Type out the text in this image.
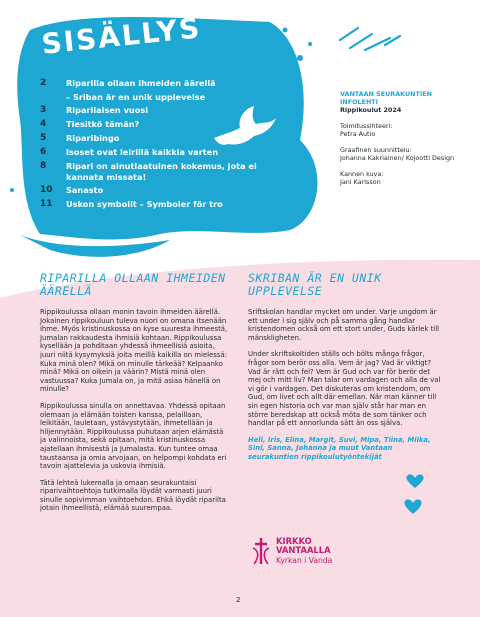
SISÄLLYS
2	Riparilla ollaan ihmeiden äärellä
– Sriban är en unik upplevelse
3	Riparilaisen vuosi
4	Tiesitkö tämän?
5	Riparibingo
6	Isoset ovat leirillä kaikkia varten
8	Ripari on ainutlaatuinen kokemus, jota ei kannata missata!
10	Sanasto
11	Uskon symbolit – Symboler för tro
VANTAAN SEURAKUNTIEN INFOLEHTI
Rippikoulut 2024
Toimitussihteeri:
Petra Autio
Graafinen suunnittelu:
Johanna Kakriainen/ Kojootti Design
Kannen kuva:
Jani Karlsson
RIPARILLA OLLAAN IHMEIDEN ÄÄRELLÄ

Rippikoulussa ollaan monin tavoin ihmeiden äärellä. Jokainen rippikouluun tuleva nuori on omana itsenään ihme. Myös kristinuskossa on kyse suuresta ihmeestä, Jumalan rakkaudesta ihmisiä kohtaan. Rippikoulussa kysellään ja pohditaan yhdessä ihmeellisiä asioita, juuri niitä kysymyksiä joita meillä kaikilla on mielessä: Kuka minä olen? Mikä on minulle tärkeää? Kelpaanko minä? Mikä on oikein ja väärin? Mistä minä olen vastuussa? Kuka Jumala on, ja mitä asiaa hänellä on minulle?

Rippikoulussa sinulla on annettavaa. Yhdessä opitaan olemaan ja elämään toisten kanssa, pelaillaan, leikitään, lauletaan, ystävystytään, ihmetellään ja hiljennytään. Rippikoulussa puhutaan arjen elämästä ja valinnoista, sekä opitaan, mitä kristinuskossa ajatellaan ihmisestä ja Jumalasta. Kun tuntee omaa taustaansa ja omia arvojaan, on helpompi kohdata eri tavoin ajattelevia ja uskovia ihmisiä.

Tätä lehteä lukemalla ja omaan seurakuntaisi riparivaihtoehtoja tutkimalla löydät varmasti juuri sinulle sopivimman vaihtoehdon. Ehkä löydät riparilta jotain ihmeellistä, elämää suurempaa.

SKRIBAN ÄR EN UNIK UPPLEVELSE

Sriftskolan handlar mycket om under. Varje ungdom är ett under i sig själv och på samma gång handlar kristendomen också om ett stort under, Guds kärlek till mänskligheten.

Under skriftskoltiden ställs och bölts många frågor, frågor som berör oss alla. Vem är jag? Vad är viktigt? Vad är rätt och fel? Vem är Gud och var för berör det mej och mitt liv? Man talar om vardagen och alla de val vi gör i vardagen. Det diskuteras om kristendom, om Gud, om livet och allt där emellan. När man känner till sin egen historia och var man själv står har man en större beredskap att också möta de som tänker och handlar på ett annorlunda sätt än oss själva.

Heli, Iris, Elina, Margit, Suvi, Mipa, Tiina, Miika, Sini, Sanna, Johanna ja muut Vantaan seurakuntien rippikoulutyöntekijät

KIRKKO
VANTAALLA
Kyrkan i Vanda
2
